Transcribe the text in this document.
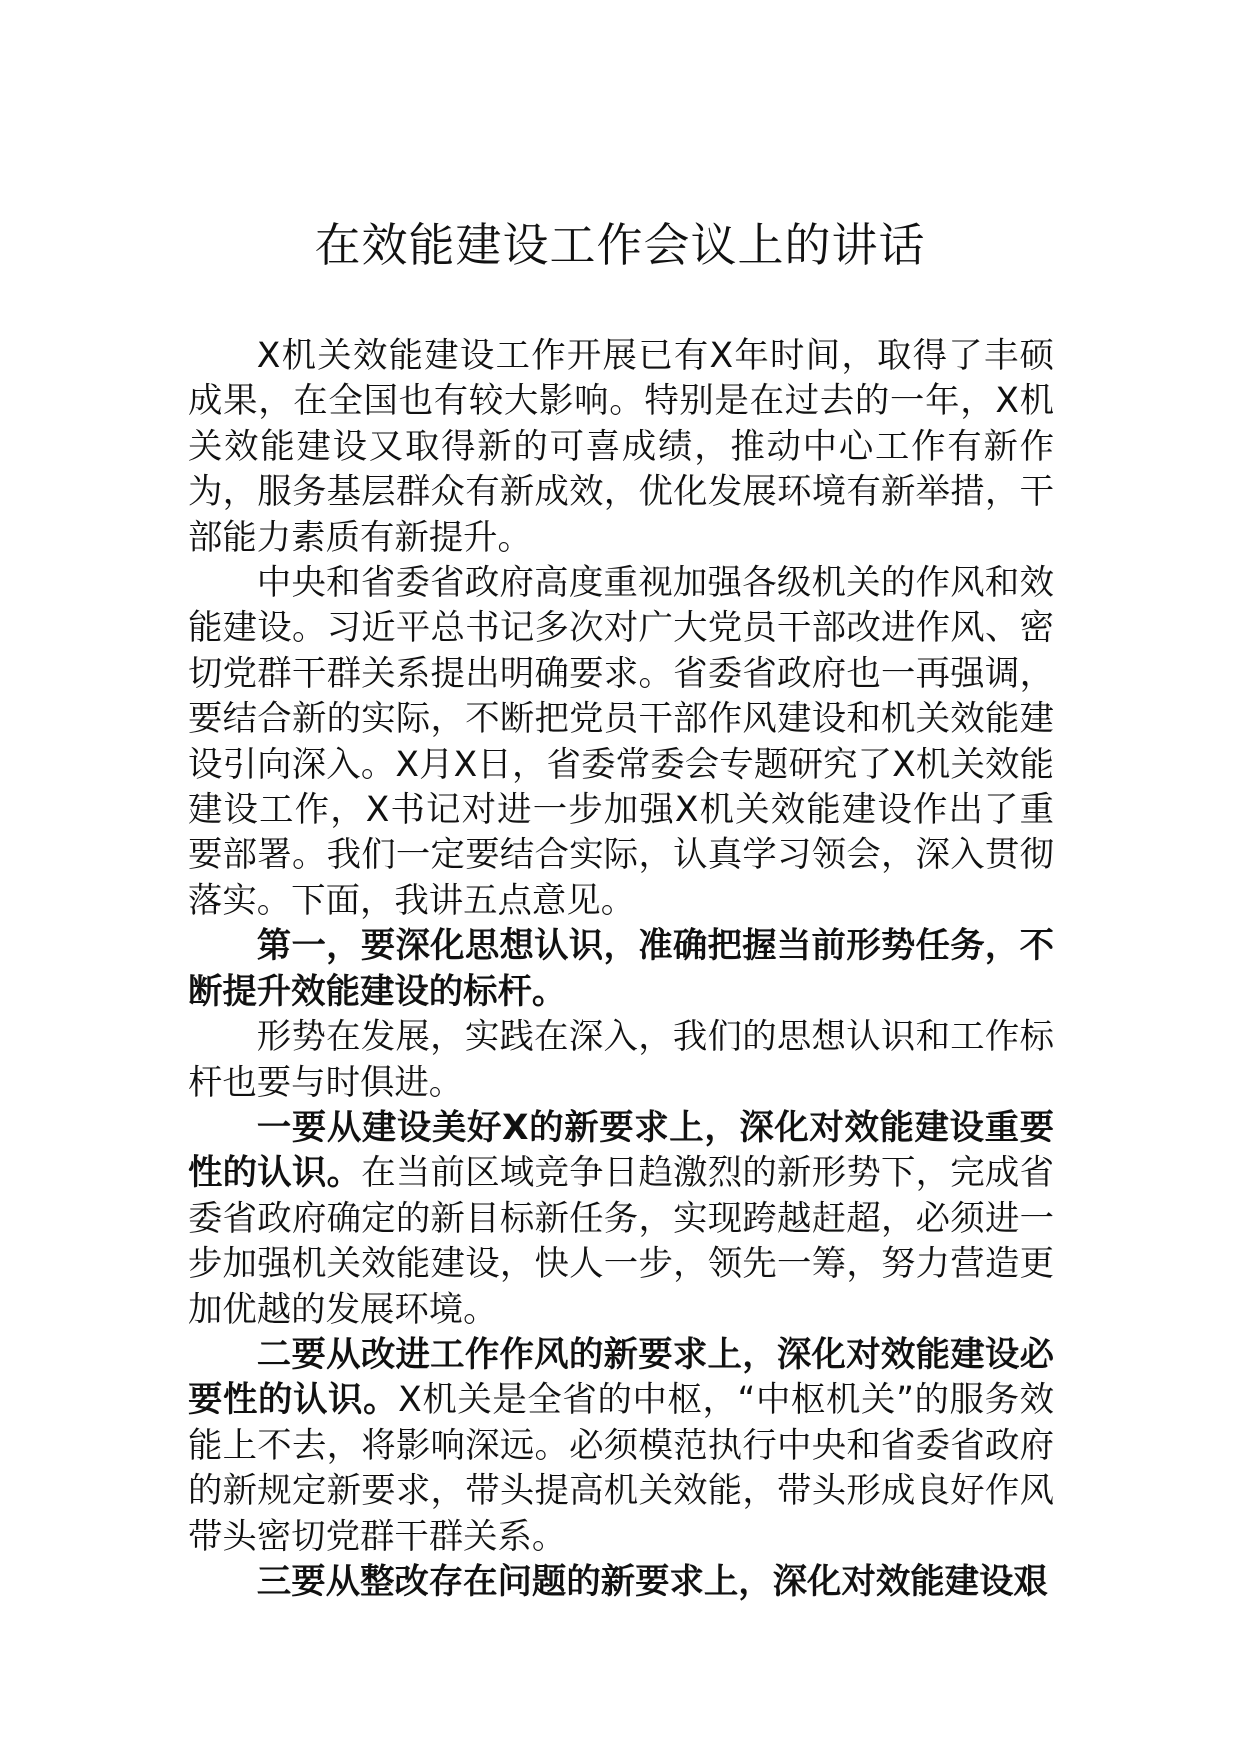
在效能建设工作会议上的讲话

X机关效能建设工作开展已有X年时间，取得了丰硕成果，在全国也有较大影响。特别是在过去的一年，X机关效能建设又取得新的可喜成绩，推动中心工作有新作为，服务基层群众有新成效，优化发展环境有新举措，干部能力素质有新提升。

中央和省委省政府高度重视加强各级机关的作风和效能建设。习近平总书记多次对广大党员干部改进作风、密切党群干群关系提出明确要求。省委省政府也一再强调，要结合新的实际，不断把党员干部作风建设和机关效能建设引向深入。X月X日，省委常委会专题研究了X机关效能建设工作，X书记对进一步加强X机关效能建设作出了重要部署。我们一定要结合实际，认真学习领会，深入贯彻落实。下面，我讲五点意见。

第一，要深化思想认识，准确把握当前形势任务，不断提升效能建设的标杆。

形势在发展，实践在深入，我们的思想认识和工作标杆也要与时俱进。

一要从建设美好X的新要求上，深化对效能建设重要性的认识。在当前区域竞争日趋激烈的新形势下，完成省委省政府确定的新目标新任务，实现跨越赶超，必须进一步加强机关效能建设，快人一步，领先一筹，努力营造更加优越的发展环境。

二要从改进工作作风的新要求上，深化对效能建设必要性的认识。X机关是全省的中枢，“中枢机关”的服务效能上不去，将影响深远。必须模范执行中央和省委省政府的新规定新要求，带头提高机关效能，带头形成良好作风带头密切党群干群关系。

三要从整改存在问题的新要求上，深化对效能建设艰
